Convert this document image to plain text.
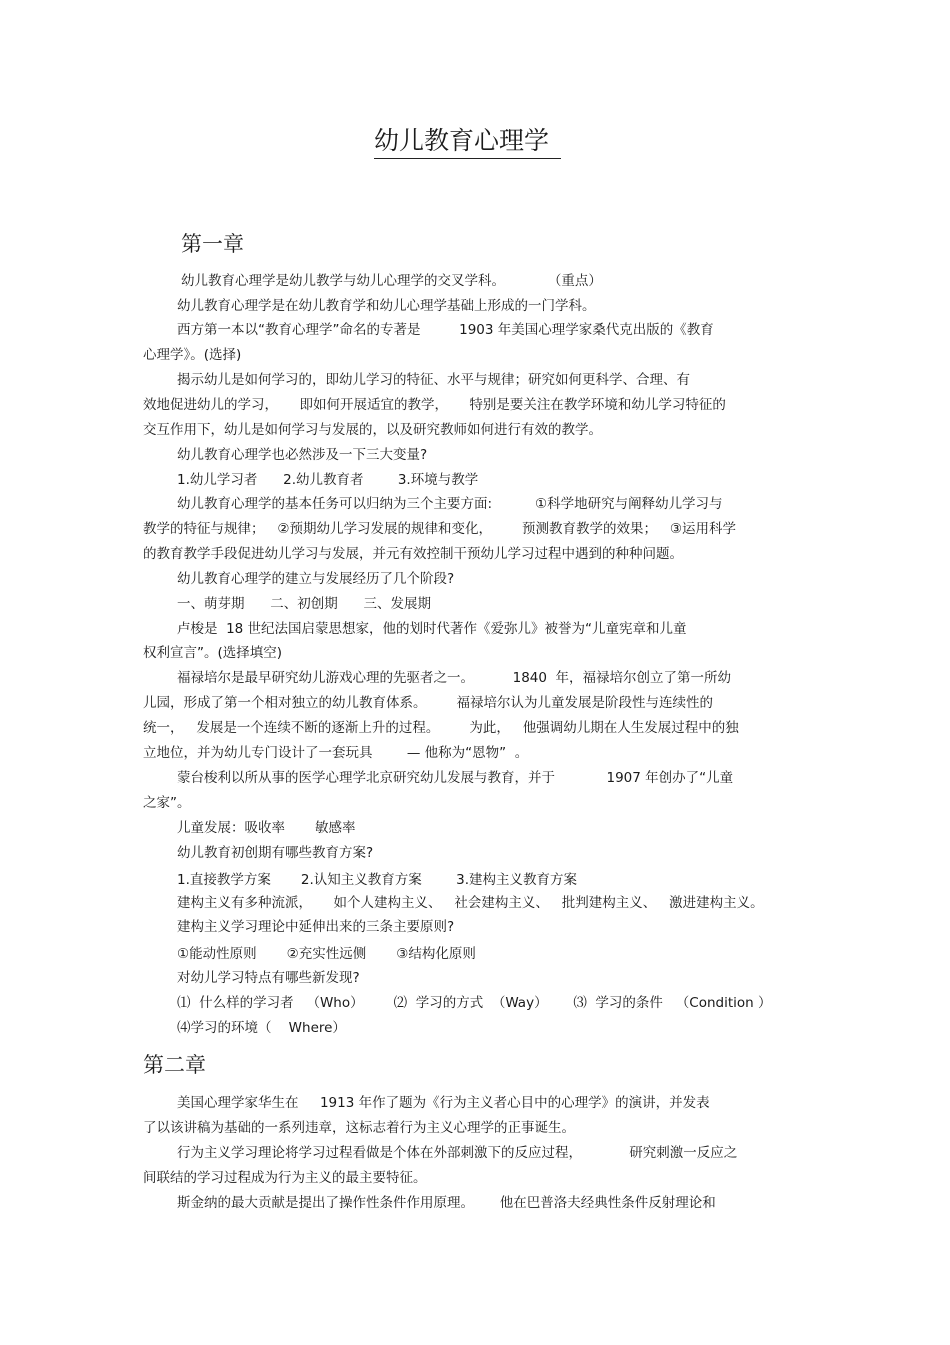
幼儿教育心理学
第一章
第二章
幼儿教育心理学是幼儿教学与幼儿心理学的交叉学科。          （重点）
幼儿教育心理学是在幼儿教育学和幼儿心理学基础上形成的一门学科。
西方第一本以“教育心理学”命名的专著是         1903 年美国心理学家桑代克出版的《教育
心理学》。(选择)
揭示幼儿是如何学习的，即幼儿学习的特征、水平与规律；研究如何更科学、合理、有
效地促进幼儿的学习，     即如何开展适宜的教学，     特别是要关注在教学环境和幼儿学习特征的
交互作用下，幼儿是如何学习与发展的，以及研究教师如何进行有效的教学。
幼儿教育心理学也必然涉及一下三大变量?
1.幼儿学习者      2.幼儿教育者        3.环境与教学
幼儿教育心理学的基本任务可以归纳为三个主要方面:          ①科学地研究与阐释幼儿学习与
教学的特征与规律；   ②预期幼儿学习发展的规律和变化，       预测教育教学的效果；   ③运用科学
的教育教学手段促进幼儿学习与发展，并元有效控制干预幼儿学习过程中遇到的种种问题。
幼儿教育心理学的建立与发展经历了几个阶段?
一、萌芽期      二、初创期      三、发展期
卢梭是  18 世纪法国启蒙思想家，他的划时代著作《爱弥儿》被誉为“儿童宪章和儿童
权利宣言”。(选择填空)
福禄培尔是最早研究幼儿游戏心理的先驱者之一。         1840  年，福禄培尔创立了第一所幼
儿园，形成了第一个相对独立的幼儿教育体系。       福禄培尔认为儿童发展是阶段性与连续性的
统一，   发展是一个连续不断的逐渐上升的过程。       为此，   他强调幼儿期在人生发展过程中的独
立地位，并为幼儿专门设计了一套玩具        — 他称为“恩物”  。
蒙台梭利以所从事的医学心理学北京研究幼儿发展与教育，并于            1907 年创办了“儿童
之家”。
儿童发展：吸收率       敏感率
幼儿教育初创期有哪些教育方案?
1.直接教学方案       2.认知主义教育方案        3.建构主义教育方案
建构主义有多种流派，     如个人建构主义、   社会建构主义、   批判建构主义、   激进建构主义。
建构主义学习理论中延伸出来的三条主要原则?
①能动性原则       ②充实性远侧       ③结构化原则
对幼儿学习特点有哪些新发现?
⑴  什么样的学习者   （Who）       ⑵  学习的方式  （Way）      ⑶  学习的条件   （Condition ）
⑷学习的环境（    Where）
美国心理学家华生在     1913 年作了题为《行为主义者心目中的心理学》的演讲，并发表
了以该讲稿为基础的一系列违章，这标志着行为主义心理学的正事诞生。
行为主义学习理论将学习过程看做是个体在外部刺激下的反应过程，           研究刺激一反应之
间联结的学习过程成为行为主义的最主要特征。
斯金纳的最大贡献是提出了操作性条件作用原理。      他在巴普洛夫经典性条件反射理论和
